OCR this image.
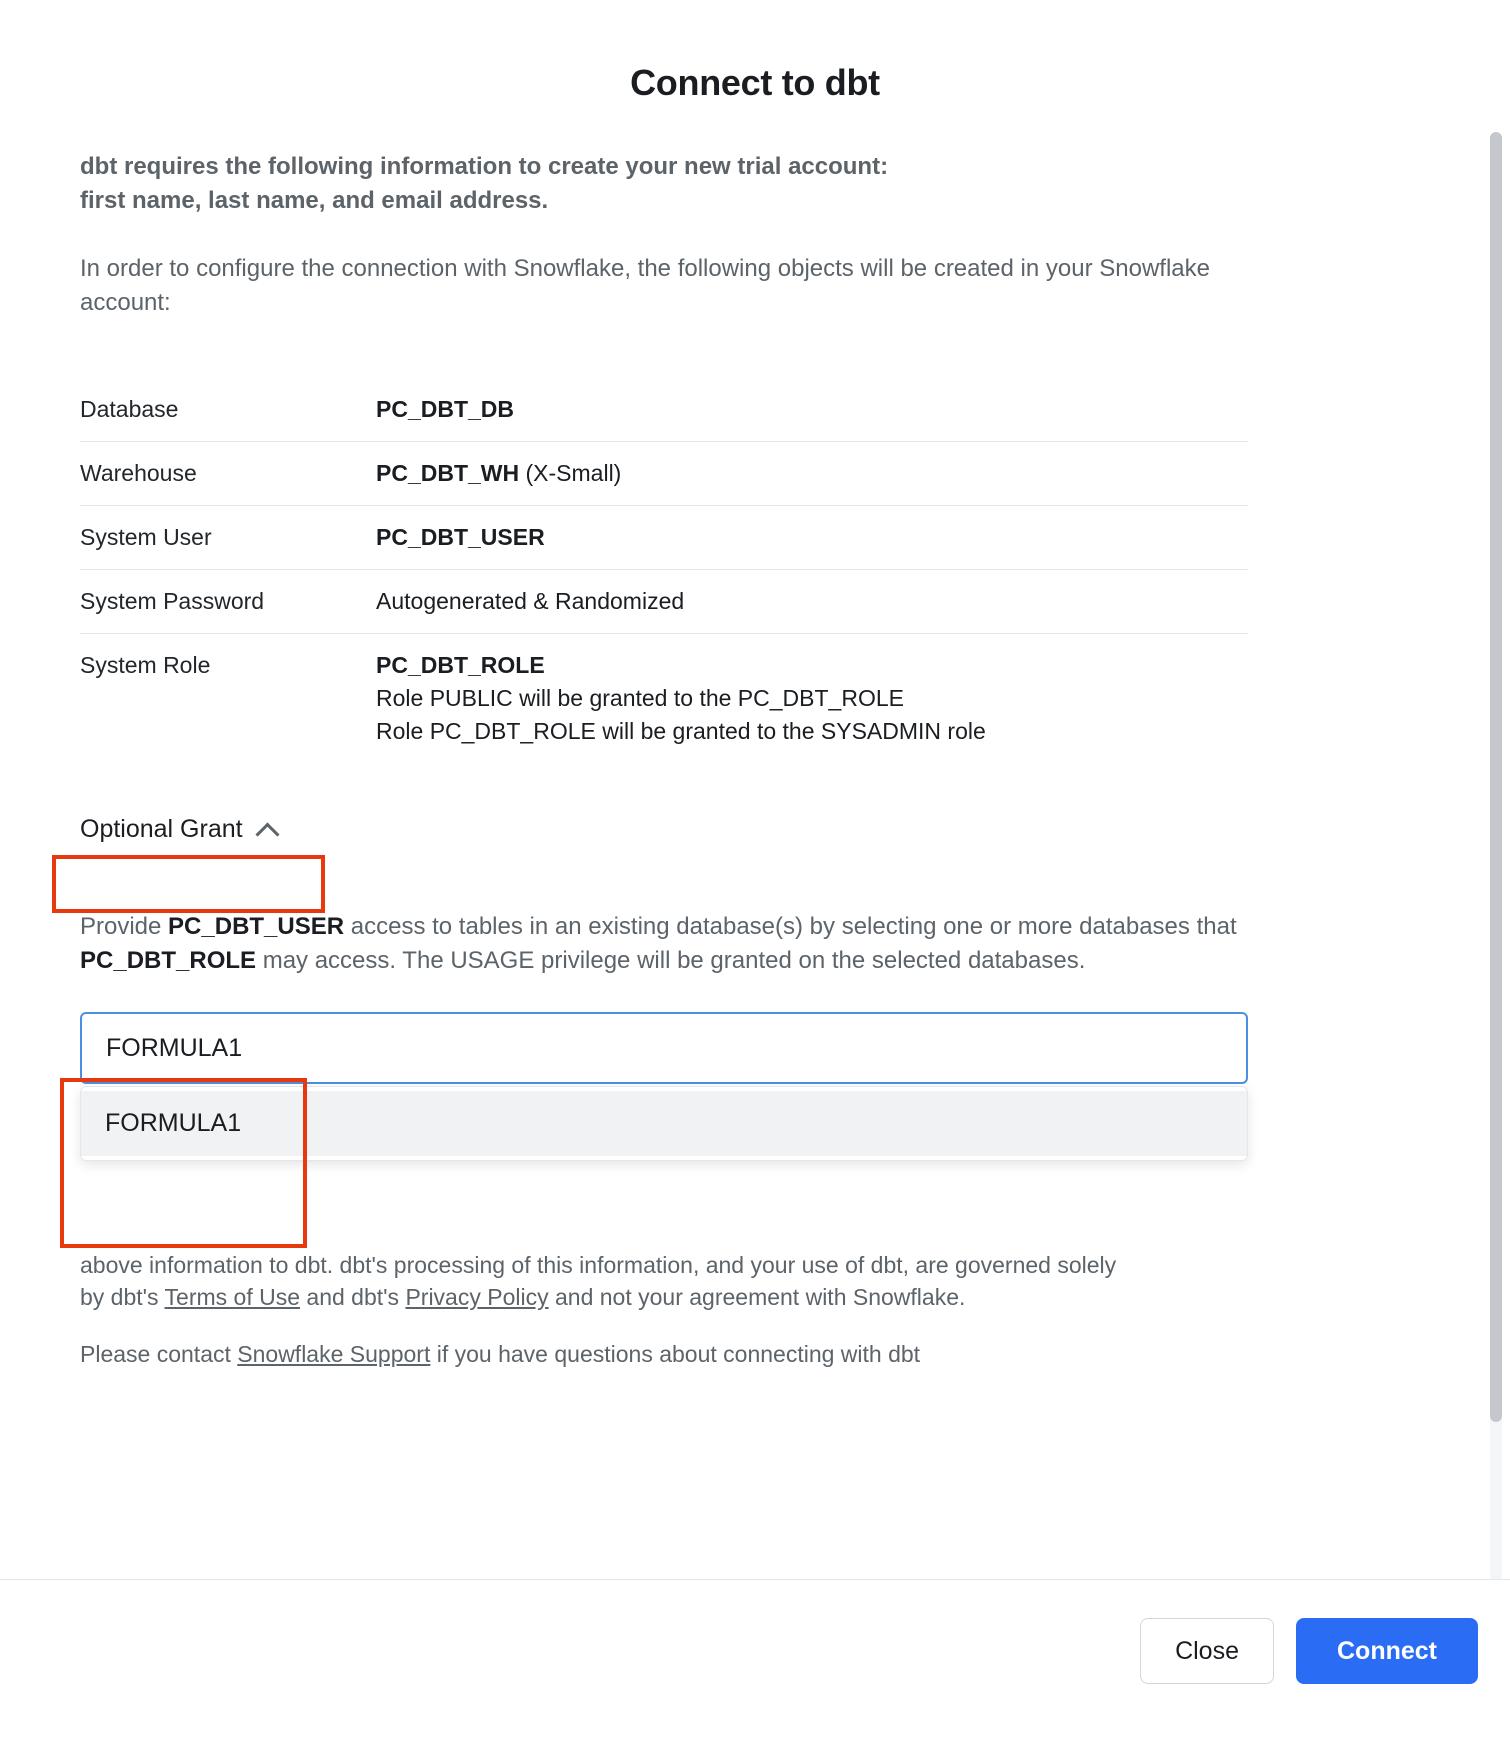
Connect to dbt
dbt requires the following information to create your new trial account:
first name, last name, and email address.
In order to configure the connection with Snowflake, the following objects will be created in your Snowflake account:
Database	PC_DBT_DB
Warehouse	PC_DBT_WH (X-Small)
System User	PC_DBT_USER
System Password	Autogenerated & Randomized
System Role	PC_DBT_ROLE
Role PUBLIC will be granted to the PC_DBT_ROLE
Role PC_DBT_ROLE will be granted to the SYSADMIN role
Optional Grant
Provide PC_DBT_USER access to tables in an existing database(s) by selecting one or more databases that PC_DBT_ROLE may access. The USAGE privilege will be granted on the selected databases.
FORMULA1
FORMULA1
above information to dbt. dbt's processing of this information, and your use of dbt, are governed solely
by dbt's Terms of Use and dbt's Privacy Policy and not your agreement with Snowflake.
Please contact Snowflake Support if you have questions about connecting with dbt
Close	Connect
